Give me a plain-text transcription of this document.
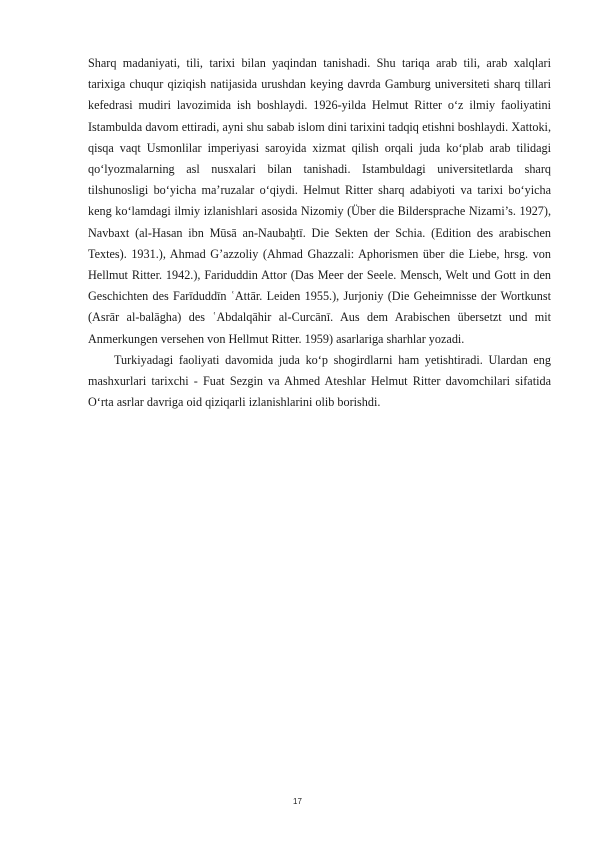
Sharq madaniyati, tili, tarixi bilan yaqindan tanishadi. Shu tariqa arab tili, arab xalqlari tarixiga chuqur qiziqish natijasida urushdan keying davrda Gamburg universiteti sharq tillari kefedrasi mudiri lavozimida ish boshlaydi. 1926-yilda Helmut Ritter o‘z ilmiy faoliyatini Istambulda davom ettiradi, ayni shu sabab islom dini tarixini tadqiq etishni boshlaydi. Xattoki, qisqa vaqt Usmonlilar imperiyasi saroyida xizmat qilish orqali juda ko‘plab arab tilidagi qo‘lyozmalarning asl nusxalari bilan tanishadi. Istambuldagi universitetlarda sharq tilshunosligi bo‘yicha ma’ruzalar o‘qiydi. Helmut Ritter sharq adabiyoti va tarixi bo‘yicha keng ko‘lamdagi ilmiy izlanishlari asosida Nizomiy (Über die Bildersprache Nizami’s. 1927), Navbaxt (al-Hasan ibn Mūsā an-Naubaḫtī. Die Sekten der Schia. (Edition des arabischen Textes). 1931.), Ahmad G’azzoliy (Ahmad Ghazzali: Aphorismen über die Liebe, hrsg. von Hellmut Ritter. 1942.), Fariduddin Attor (Das Meer der Seele. Mensch, Welt und Gott in den Geschichten des Farīduddīn ʿAttār. Leiden 1955.), Jurjoniy (Die Geheimnisse der Wortkunst (Asrār al-balāgha) des ʿAbdalqāhir al-Curcānī. Aus dem Arabischen übersetzt und mit Anmerkungen versehen von Hellmut Ritter. 1959) asarlariga sharhlar yozadi.

Turkiyadagi faoliyati davomida juda ko‘p shogirdlarni ham yetishtiradi. Ulardan eng mashxurlari tarixchi - Fuat Sezgin va Ahmed Ateshlar Helmut Ritter davomchilari sifatida O‘rta asrlar davriga oid qiziqarli izlanishlarini olib borishdi.

17
